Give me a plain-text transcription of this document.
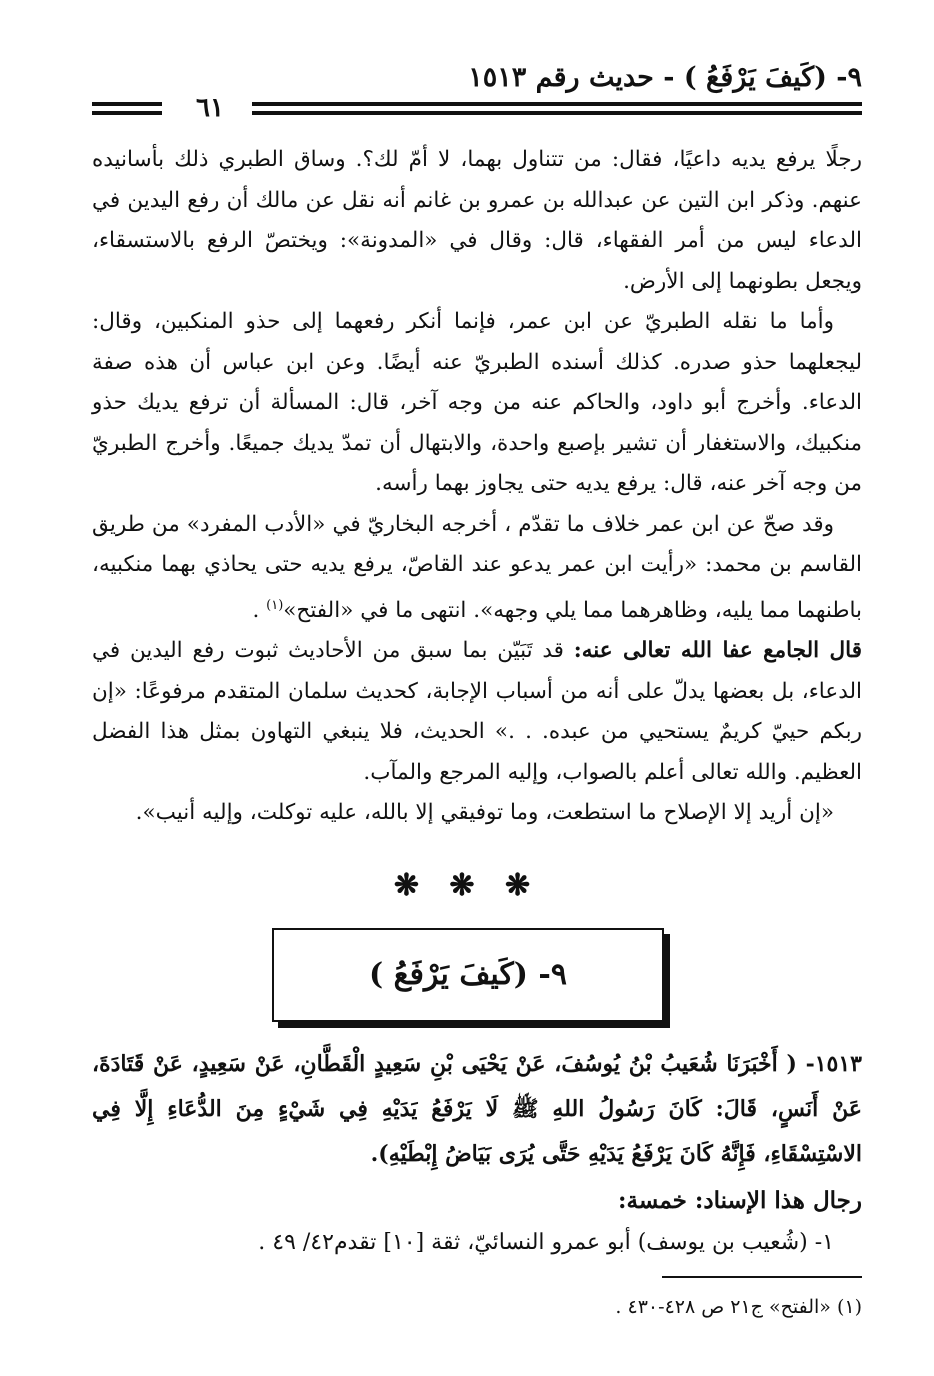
٩- (كَيفَ يَرْفَعُ ) - حديث رقم ١٥١٣
٦١

رجلًا يرفع يديه داعيًا، فقال: من تتناول بهما، لا أمّ لك؟. وساق الطبري ذلك بأسانيده عنهم. وذكر ابن التين عن عبدالله بن عمرو بن غانم أنه نقل عن مالك أن رفع اليدين في الدعاء ليس من أمر الفقهاء، قال: وقال في «المدونة»: ويختصّ الرفع بالاستسقاء، ويجعل بطونهما إلى الأرض.

وأما ما نقله الطبريّ عن ابن عمر، فإنما أنكر رفعهما إلى حذو المنكبين، وقال: ليجعلهما حذو صدره. كذلك أسنده الطبريّ عنه أيضًا. وعن ابن عباس أن هذه صفة الدعاء. وأخرج أبو داود، والحاكم عنه من وجه آخر، قال: المسألة أن ترفع يديك حذو منكبيك، والاستغفار أن تشير بإصبع واحدة، والابتهال أن تمدّ يديك جميعًا. وأخرج الطبريّ من وجه آخر عنه، قال: يرفع يديه حتى يجاوز بهما رأسه.

وقد صحّ عن ابن عمر خلاف ما تقدّم ، أخرجه البخاريّ في «الأدب المفرد» من طريق القاسم بن محمد: «رأيت ابن عمر يدعو عند القاصّ، يرفع يديه حتى يحاذي بهما منكبيه، باطنهما مما يليه، وظاهرهما مما يلي وجهه». انتهى ما في «الفتح»$^{(١)}$ .

قال الجامع عفا الله تعالى عنه: قد تَبَيّن بما سبق من الأحاديث ثبوت رفع اليدين في الدعاء، بل بعضها يدلّ على أنه من أسباب الإجابة، كحديث سلمان المتقدم مرفوعًا: «إن ربكم حييّ كريمٌ يستحيي من عبده. . .» الحديث، فلا ينبغي التهاون بمثل هذا الفضل العظيم. والله تعالى أعلم بالصواب، وإليه المرجع والمآب.

«إن أريد إلا الإصلاح ما استطعت، وما توفيقي إلا بالله، عليه توكلت، وإليه أنيب».

❋ ❋ ❋
٩- (كَيفَ يَرْفَعُ )

١٥١٣- ( أَخْبَرَنَا شُعَيبُ بْنُ يُوسُفَ، عَنْ يَحْيَى بْنِ سَعِيدٍ الْقَطَّانِ، عَنْ سَعِيدٍ، عَنْ قَتَادَةَ، عَنْ أَنَسٍ، قَالَ: كَانَ رَسُولُ اللهِ ﷺ لَا يَرْفَعُ يَدَيْهِ فِي شَيْءٍ مِنَ الدُّعَاءِ إِلَّا فِي الاسْتِسْقَاءِ، فَإِنَّهُ كَانَ يَرْفَعُ يَدَيْهِ حَتَّى يُرَى بَيَاضُ إِبْطَيْهِ).

رجال هذا الإسناد: خمسة:

١- (شُعيب بن يوسف) أبو عمرو النسائيّ، ثقة [١٠] تقدم٤٢/ ٤٩ .

(١) «الفتح» ج٢١ ص ٤٢٨-٤٣٠ .
